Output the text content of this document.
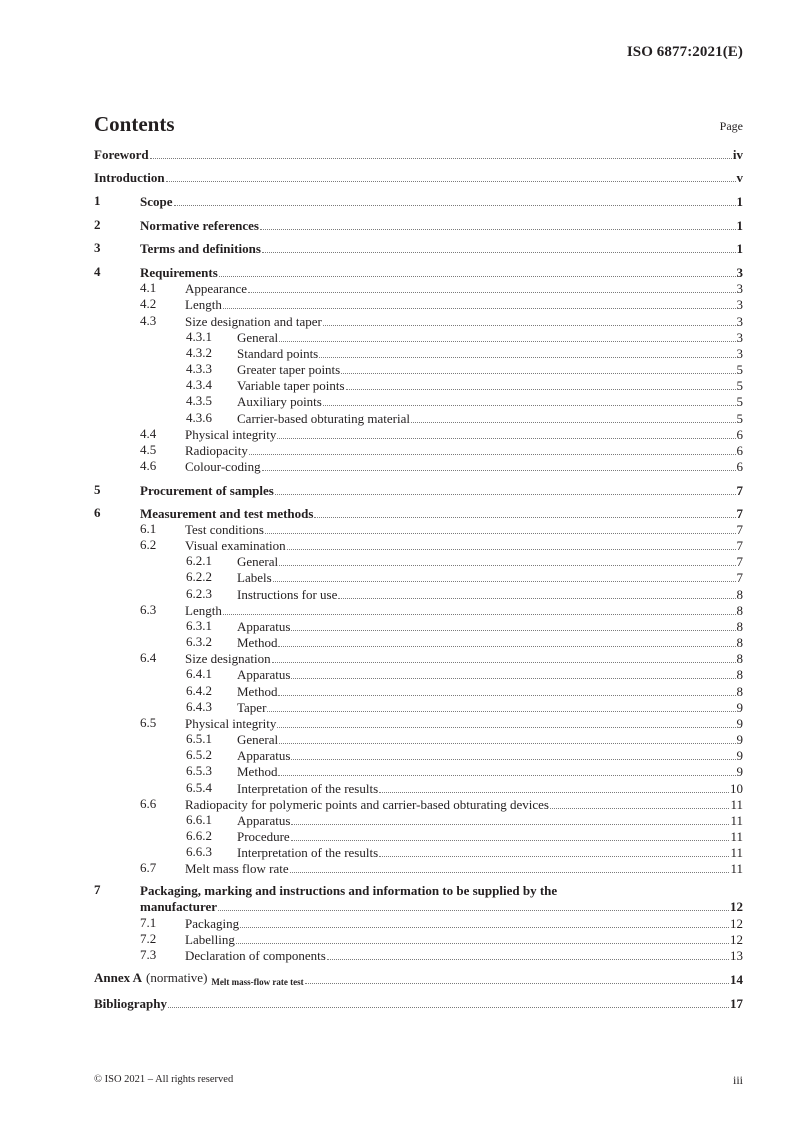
ISO 6877:2021(E)
Contents	Page
Foreword	iv
Introduction	v
1	Scope	1
2	Normative references	1
3	Terms and definitions	1
4	Requirements	3
4.1 Appearance	3
4.2 Length	3
4.3 Size designation and taper	3
4.3.1 General	3
4.3.2 Standard points	3
4.3.3 Greater taper points	5
4.3.4 Variable taper points	5
4.3.5 Auxiliary points	5
4.3.6 Carrier-based obturating material	5
4.4 Physical integrity	6
4.5 Radiopacity	6
4.6 Colour-coding	6
5	Procurement of samples	7
6	Measurement and test methods	7
6.1 Test conditions	7
6.2 Visual examination	7
6.2.1 General	7
6.2.2 Labels	7
6.2.3 Instructions for use	8
6.3 Length	8
6.3.1 Apparatus	8
6.3.2 Method	8
6.4 Size designation	8
6.4.1 Apparatus	8
6.4.2 Method	8
6.4.3 Taper	9
6.5 Physical integrity	9
6.5.1 General	9
6.5.2 Apparatus	9
6.5.3 Method	9
6.5.4 Interpretation of the results	10
6.6 Radiopacity for polymeric points and carrier-based obturating devices	11
6.6.1 Apparatus	11
6.6.2 Procedure	11
6.6.3 Interpretation of the results	11
6.7 Melt mass flow rate	11
7	Packaging, marking and instructions and information to be supplied by the
manufacturer	12
7.1 Packaging	12
7.2 Labelling	12
7.3 Declaration of components	13
Annex A (normative) $_{Melt mass-flow rate test}$	14
Bibliography	17
© ISO 2021 – All rights reserved	iii
